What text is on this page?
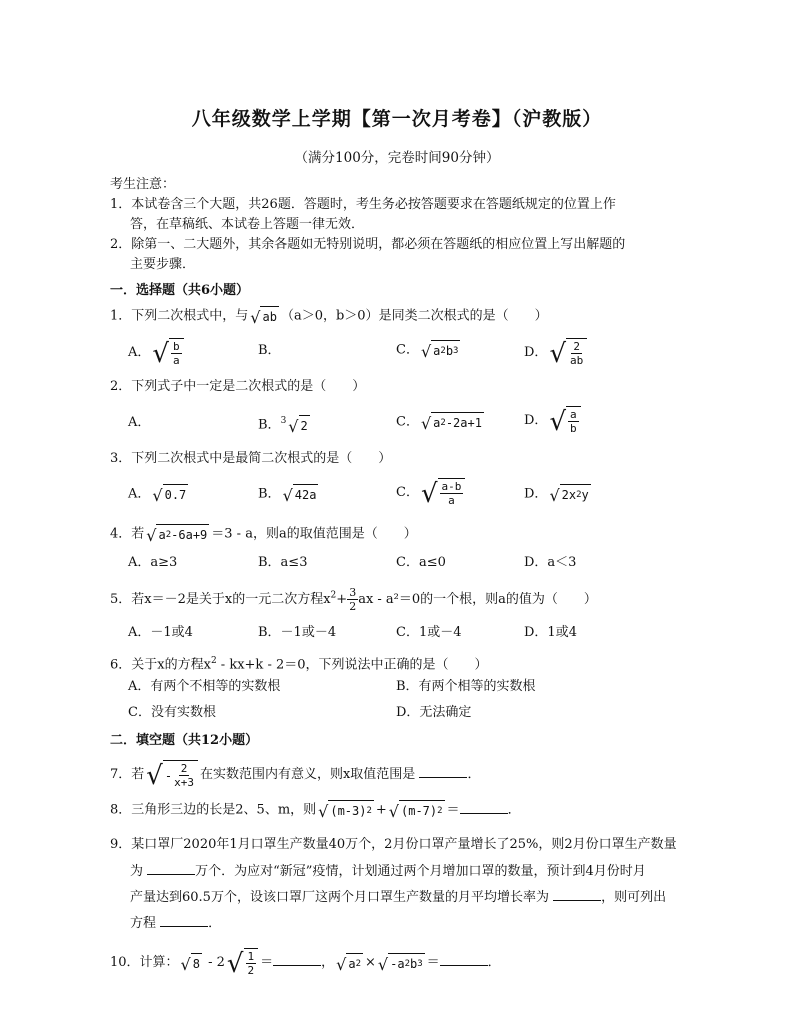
八年级数学上学期【第一次月考卷】（沪教版）
（满分100分，完卷时间90分钟）
考生注意：
1．本试卷含三个大题，共26题．答题时，考生务必按答题要求在答题纸规定的位置上作
答，在草稿纸、本试卷上答题一律无效．
2．除第一、二大题外，其余各题如无特别说明，都必须在答题纸的相应位置上写出解题的
主要步骤．
一．选择题（共6小题）
1．下列二次根式中，与 √ ab （a＞0，b＞0）是同类二次根式的是（　　）
A． √ $\frac{b}{a}$	B．	C． √ a 2 b 3	D． √ $\frac{2}{ab}$
2．下列式子中一定是二次根式的是（　　）
A．	B．$^3$ √ 2	C． √ a 2 -2a+1	D． √ $\frac{a}{b}$
3．下列二次根式中是最简二次根式的是（　　）
A． √ 0.7	B． √ 42a	C． √ $\frac{a-b}{a}$	D． √ 2x 2 y
4．若 √ a 2 -6a+9 ＝3 - a，则a的取值范围是（　　）
A．a≥3	B．a≤3	C．a≤0	D．a＜3
5．若x＝－2是关于x的一元二次方程$x^2+ \frac{3}{2}$ ax - a²＝0的一个根，则a的值为（　　）
A．－1或4	B．－1或－4	C．1或－4	D．1或4
6．关于x的方程$x^2 - kx+k - 2=0$，下列说法中正确的是（　　）
A．有两个不相等的实数根	B．有两个相等的实数根
C．没有实数根	D．无法确定
二．填空题（共12小题）
7．若 √ - $\frac{2}{x+3}$ 在实数范围内有意义，则x取值范围是	．
8．三角形三边的长是2、5、m，则 √ (m-3) 2 + √ (m-7) 2 ＝	．
9．某口罩厂2020年1月口罩生产数量40万个，2月份口罩产量增长了25%，则2月份口罩生产数量
为	万个．为应对“新冠”疫情，计划通过两个月增加口罩的数量，预计到4月份时月
产量达到60.5万个，设该口罩厂这两个月口罩生产数量的月平均增长率为	，则可列出
方程	．
10．计算： √ 8 - 2 √ $\frac{1}{2}$ ＝	， √ a 2 × √ -a 2 b 3 ＝	．
